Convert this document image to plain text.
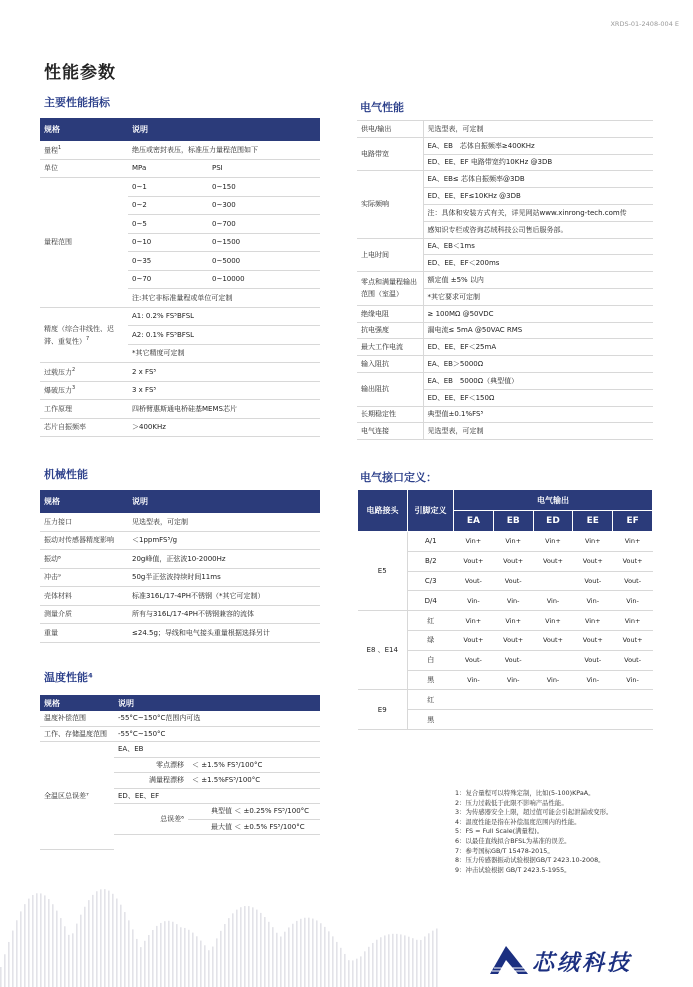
XRDS-01-2408-004 E
性能参数
主要性能指标
规格	说明	
量程$^1$	绝压或密封表压，标准压力量程范围如下	
单位	MPa	PSI
量程范围	0~1	0~150
	0~2	0~300
	0~5	0~700
	0~10	0~1500
	0~35	0~5000
	0~70	0~10000
	注:其它非标准量程或单位可定制	
精度（综合非线性、迟滞、重复性）$^7$	A1: 0.2% FS⁵BFSL	
	A2: 0.1% FS⁵BFSL	
	*其它精度可定制	
过载压力$^2$	2 x FS⁵	
爆破压力$^3$	3 x FS⁵	
工作原理	四桥臂惠斯通电桥硅基MEMS芯片	
芯片自振频率	＞400KHz	
机械性能
规格	说明
压力接口	见选型表，可定制
振动对传感器精度影响	＜1ppmFS⁵/g
振动⁸	20g峰值，正弦波10-2000Hz
冲击⁹	50g半正弦波持续时间11ms
壳体材料	标准316L/17-4PH不锈钢（*其它可定制）
测量介质	所有与316L/17-4PH不锈钢兼容的流体
重量	≤24.5g；导线和电气接头重量根据选择另计
温度性能⁴
规格	说明		
温度补偿范围	-55°C~150°C范围内可选		
工作、存储温度范围	-55°C~150°C		
全温区总误差⁷	EA、EB		
		零点漂移	＜ ±1.5% FS⁵/100°C
		满量程漂移	＜ ±1.5%FS⁵/100°C
	ED、EE、EF		
		总误差⁶	典型值 ＜ ±0.25% FS⁵/100°C
			最大值 ＜ ±0.5% FS⁵/100°C

电气性能
供电/输出	见选型表，可定制
电路带宽	EA、EB　芯体自振频率≥400KHz
	ED、EE、EF 电路带宽约10KHz @3DB
实际频响	EA、EB≤ 芯体自振频率@3DB
	ED、EE、EF≤10KHz @3DB
	注：具体和安装方式有关，详见网站www.xinrong-tech.com传
	感知识专栏或咨询芯绒科技公司售后服务部。
上电时间	EA、EB＜1ms
	ED、EE、EF＜200ms
零点和满量程输出范围（室温）	额定值 ±5% 以内
	*其它要求可定制
绝缘电阻	≥ 100MΩ @50VDC
抗电强度	漏电流≤ 5mA @50VAC RMS
最大工作电流	ED、EE、EF＜25mA
输入阻抗	EA、EB＞5000Ω
输出阻抗	EA、EB　5000Ω（典型值）
	ED、EE、EF＜150Ω
长期稳定性	典型值±0.1%FS⁵
电气连接	见选型表，可定制
电气接口定义：
电路接头	引脚定义	电气输出				
		EA	EB	ED	EE	EF
E5	A/1	Vin+	Vin+	Vin+	Vin+	Vin+
	B/2	Vout+	Vout+	Vout+	Vout+	Vout+
	C/3	Vout-	Vout-		Vout-	Vout-
	D/4	Vin-	Vin-	Vin-	Vin-	Vin-
E8 、E14	红	Vin+	Vin+	Vin+	Vin+	Vin+
	绿	Vout+	Vout+	Vout+	Vout+	Vout+
	白	Vout-	Vout-		Vout-	Vout-
	黑	Vin-	Vin-	Vin-	Vin-	Vin-
E9	红					
	黑					
1：复合量程可以特殊定制，比如(5-100)KPaA。
2：压力过载低于此限不影响产品性能。
3：为传感器安全上限，超过值可能会引起泄漏或变形。
4：温度性能是指在补偿温度范围内的性能。
5：FS = Full Scale(满量程)。
6：以最佳直线拟合BFSL为基准的误差。
7：参考国标GB/T 15478-2015。
8：压力传感器振动试验根据GB/T 2423.10-2008。
9：冲击试验根据 GB/T 2423.5-1955。
芯绒科技
